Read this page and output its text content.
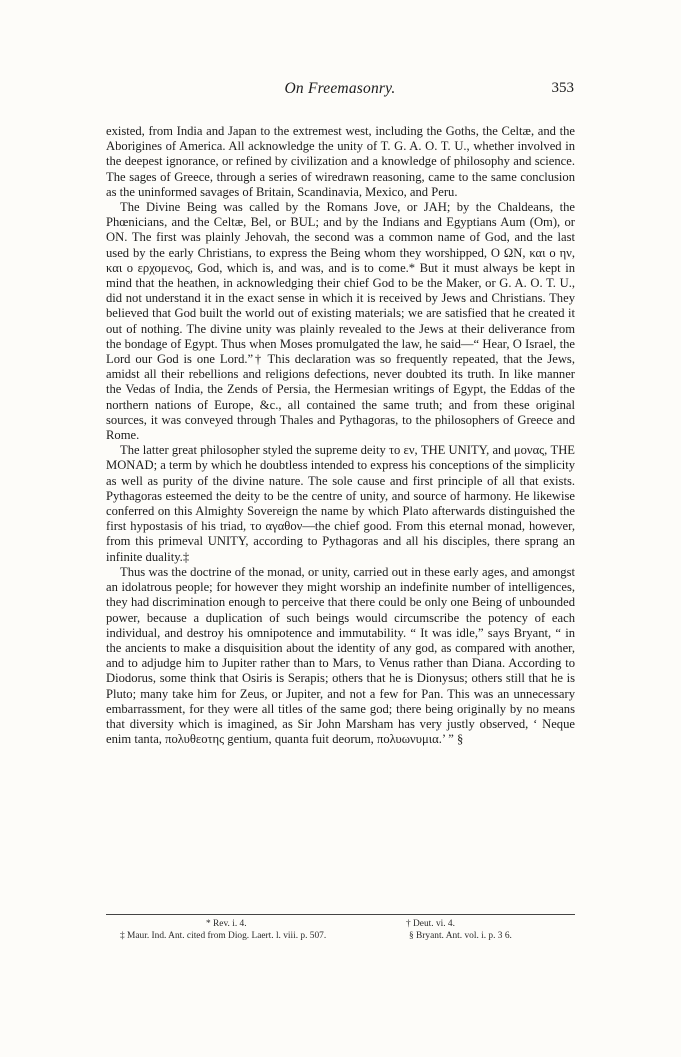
On Freemasonry.	353

existed, from India and Japan to the extremest west, including the Goths, the Celtæ, and the Aborigines of America. All acknowledge the unity of T. G. A. O. T. U., whether involved in the deepest ignorance, or refined by civilization and a knowledge of philosophy and science. The sages of Greece, through a series of wiredrawn reasoning, came to the same conclusion as the uninformed savages of Britain, Scandinavia, Mexico, and Peru.

The Divine Being was called by the Romans Jove, or JAH; by the Chaldeans, the Phœnicians, and the Celtæ, Bel, or BUL; and by the Indians and Egyptians Aum (Om), or ON. The first was plainly Jehovah, the second was a common name of God, and the last used by the early Christians, to express the Being whom they worshipped, Ο ΩΝ, και ο ην, και ο ερχομενος, God, which is, and was, and is to come.* But it must always be kept in mind that the heathen, in acknowledging their chief God to be the Maker, or G. A. O. T. U., did not understand it in the exact sense in which it is received by Jews and Christians. They believed that God built the world out of existing materials; we are satisfied that he created it out of nothing. The divine unity was plainly revealed to the Jews at their deliverance from the bondage of Egypt. Thus when Moses promulgated the law, he said—“ Hear, O Israel, the Lord our God is one Lord.”† This declaration was so frequently repeated, that the Jews, amidst all their rebellions and religions defections, never doubted its truth. In like manner the Vedas of India, the Zends of Persia, the Hermesian writings of Egypt, the Eddas of the northern nations of Europe, &c., all contained the same truth; and from these original sources, it was conveyed through Thales and Pythagoras, to the philosophers of Greece and Rome.

The latter great philosopher styled the supreme deity το εν, THE UNITY, and μονας, THE MONAD; a term by which he doubtless intended to express his conceptions of the simplicity as well as purity of the divine nature. The sole cause and first principle of all that exists. Pythagoras esteemed the deity to be the centre of unity, and source of harmony. He likewise conferred on this Almighty Sovereign the name by which Plato afterwards distinguished the first hypostasis of his triad, το αγαθον—the chief good. From this eternal monad, however, from this primeval UNITY, according to Pythagoras and all his disciples, there sprang an infinite duality.‡

Thus was the doctrine of the monad, or unity, carried out in these early ages, and amongst an idolatrous people; for however they might worship an indefinite number of intelligences, they had discrimination enough to perceive that there could be only one Being of unbounded power, because a duplication of such beings would circumscribe the potency of each individual, and destroy his omnipotence and immutability. “ It was idle,” says Bryant, “ in the ancients to make a disquisition about the identity of any god, as compared with another, and to adjudge him to Jupiter rather than to Mars, to Venus rather than Diana. According to Diodorus, some think that Osiris is Serapis; others that he is Dionysus; others still that he is Pluto; many take him for Zeus, or Jupiter, and not a few for Pan. This was an unnecessary embarrassment, for they were all titles of the same god; there being originally by no means that diversity which is imagined, as Sir John Marsham has very justly observed, ‘ Neque enim tanta, πολυθεοτης gentium, quanta fuit deorum, πολυωνυμια.’ ” §

* Rev. i. 4.	† Deut. vi. 4.
‡ Maur. Ind. Ant. cited from Diog. Laert. l. viii. p. 507.	§ Bryant. Ant. vol. i. p. 3 6.
